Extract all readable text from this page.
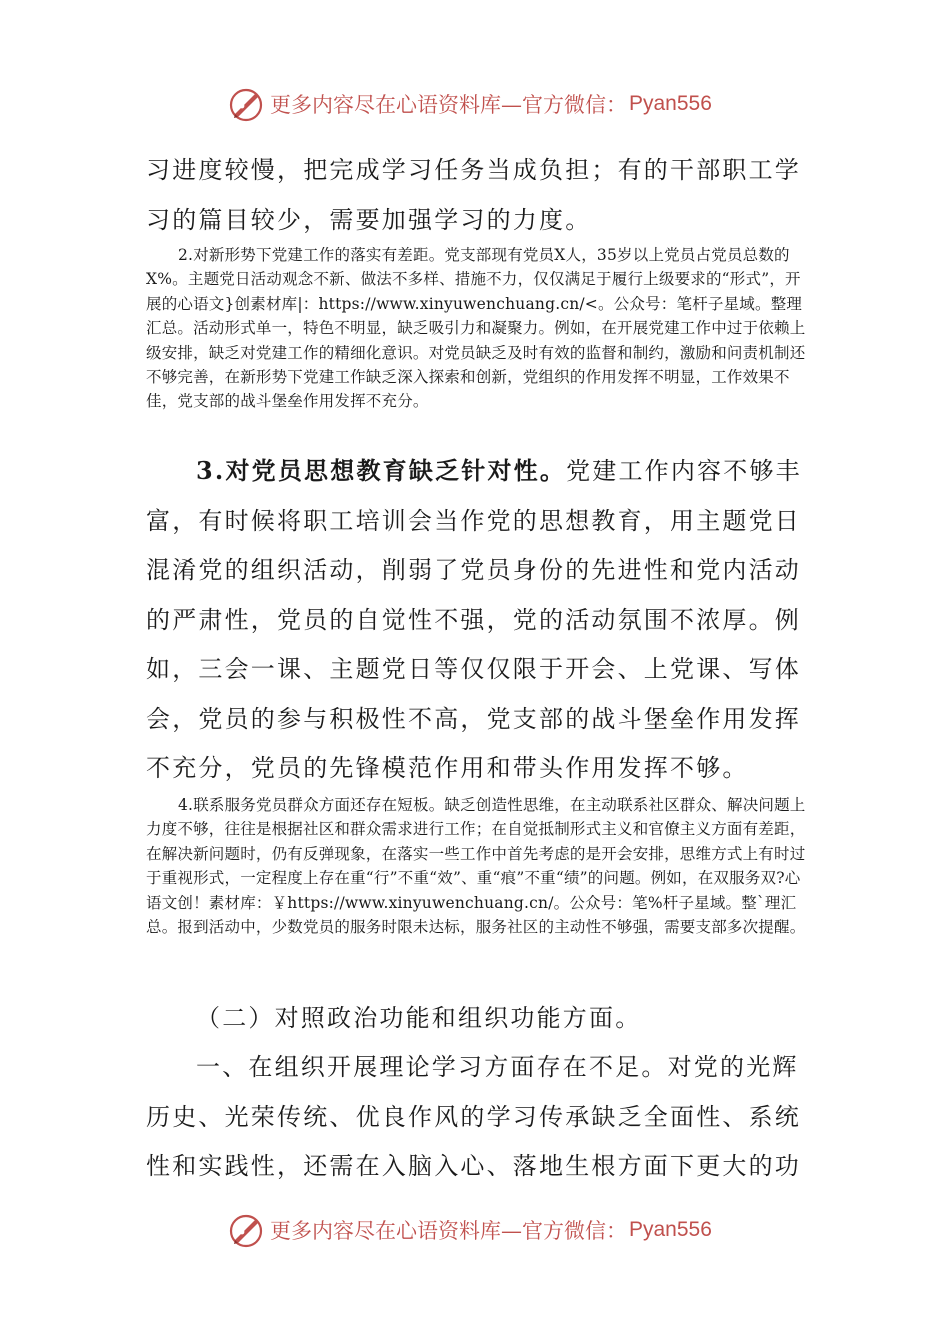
更多内容尽在心语资料库—官方微信： Pyan556
习进度较慢，把完成学习任务当成负担；有的干部职工学习的篇目较少，需要加强学习的力度。
2.对新形势下党建工作的落实有差距。党支部现有党员X人，35岁以上党员占党员总数的X%。主题党日活动观念不新、做法不多样、措施不力，仅仅满足于履行上级要求的“形式”，开展的心语文}创素材库|：https://www.xinyuwenchuang.cn/<。公众号：笔杆子星域。整理汇总。活动形式单一，特色不明显，缺乏吸引力和凝聚力。例如，在开展党建工作中过于依赖上级安排，缺乏对党建工作的精细化意识。对党员缺乏及时有效的监督和制约，激励和问责机制还不够完善，在新形势下党建工作缺乏深入探索和创新，党组织的作用发挥不明显，工作效果不佳，党支部的战斗堡垒作用发挥不充分。
3.对党员思想教育缺乏针对性。党建工作内容不够丰富，有时候将职工培训会当作党的思想教育，用主题党日混淆党的组织活动，削弱了党员身份的先进性和党内活动的严肃性，党员的自觉性不强，党的活动氛围不浓厚。例如，三会一课、主题党日等仅仅限于开会、上党课、写体会，党员的参与积极性不高，党支部的战斗堡垒作用发挥不充分，党员的先锋模范作用和带头作用发挥不够。
4.联系服务党员群众方面还存在短板。缺乏创造性思维，在主动联系社区群众、解决问题上力度不够，往往是根据社区和群众需求进行工作；在自觉抵制形式主义和官僚主义方面有差距，在解决新问题时，仍有反弹现象，在落实一些工作中首先考虑的是开会安排，思维方式上有时过于重视形式，一定程度上存在重“行”不重“效”、重“痕”不重“绩”的问题。例如，在双服务双?心语文创！素材库：￥https://www.xinyuwenchuang.cn/。公众号：笔%杆子星域。整`理汇总。报到活动中，少数党员的服务时限未达标，服务社区的主动性不够强，需要支部多次提醒。
（二）对照政治功能和组织功能方面。
一、在组织开展理论学习方面存在不足。对党的光辉历史、光荣传统、优良作风的学习传承缺乏全面性、系统性和实践性，还需在入脑入心、落地生根方面下更大的功
更多内容尽在心语资料库—官方微信： Pyan556
